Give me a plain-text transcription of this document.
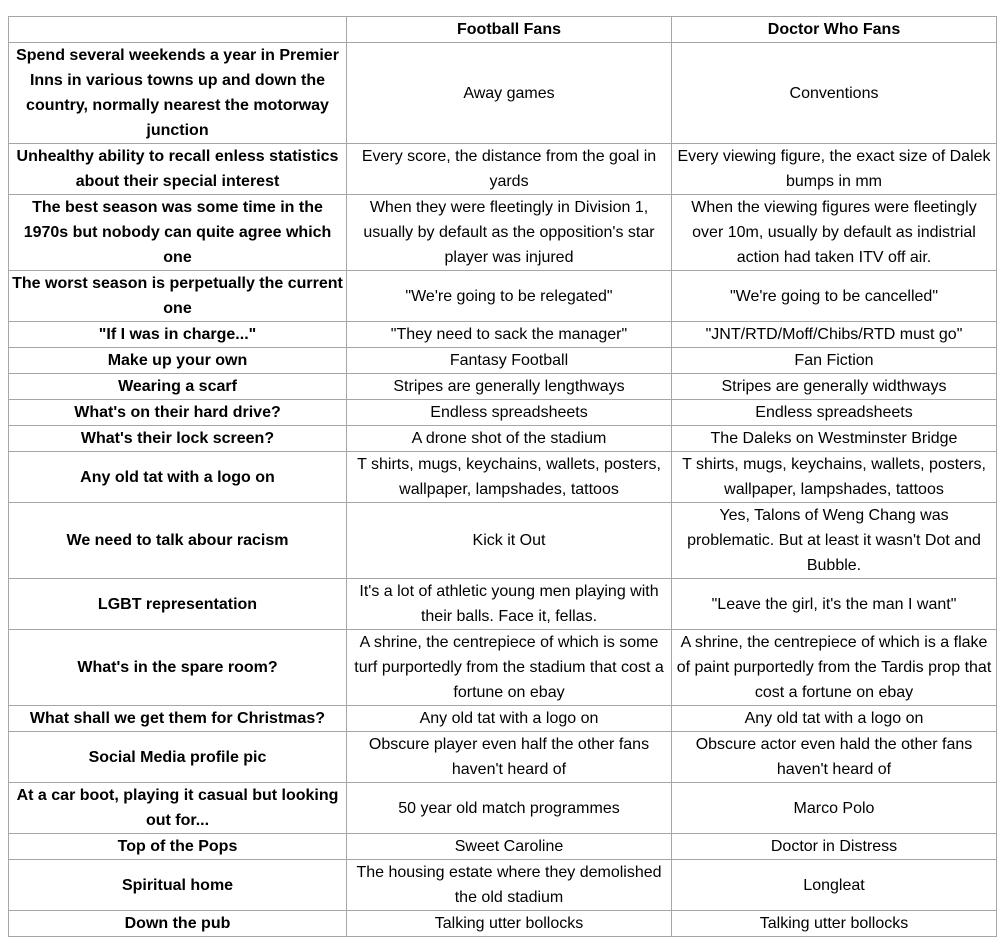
	Football Fans	Doctor Who Fans
Spend several weekends a year in Premier Inns in various towns up and down the country, normally nearest the motorway junction	Away games	Conventions
Unhealthy ability to recall enless statistics about their special interest	Every score, the distance from the goal in yards	Every viewing figure, the exact size of Dalek bumps in mm
The best season was some time in the 1970s but nobody can quite agree which one	When they were fleetingly in Division 1, usually by default as the opposition's star player was injured	When the viewing figures were fleetingly over 10m, usually by default as indistrial action had taken ITV off air.
The worst season is perpetually the current one	"We're going to be relegated"	"We're going to be cancelled"
"If I was in charge..."	"They need to sack the manager"	"JNT/RTD/Moff/Chibs/RTD must go"
Make up your own	Fantasy Football	Fan Fiction
Wearing a scarf	Stripes are generally lengthways	Stripes are generally widthways
What's on their hard drive?	Endless spreadsheets	Endless spreadsheets
What's their lock screen?	A drone shot of the stadium	The Daleks on Westminster Bridge
Any old tat with a logo on	T shirts, mugs, keychains, wallets, posters, wallpaper, lampshades, tattoos	T shirts, mugs, keychains, wallets, posters, wallpaper, lampshades, tattoos
We need to talk abour racism	Kick it Out	Yes, Talons of Weng Chang was problematic. But at least it wasn't Dot and Bubble.
LGBT representation	It's a lot of athletic young men playing with their balls. Face it, fellas.	"Leave the girl, it's the man I want"
What's in the spare room?	A shrine, the centrepiece of which is some turf purportedly from the stadium that cost a fortune on ebay	A shrine, the centrepiece of which is a flake of paint purportedly from the Tardis prop that cost a fortune on ebay
What shall we get them for Christmas?	Any old tat with a logo on	Any old tat with a logo on
Social Media profile pic	Obscure player even half the other fans haven't heard of	Obscure actor even hald the other fans haven't heard of
At a car boot, playing it casual but looking out for...	50 year old match programmes	Marco Polo
Top of the Pops	Sweet Caroline	Doctor in Distress
Spiritual home	The housing estate where they demolished the old stadium	Longleat
Down the pub	Talking utter bollocks	Talking utter bollocks
